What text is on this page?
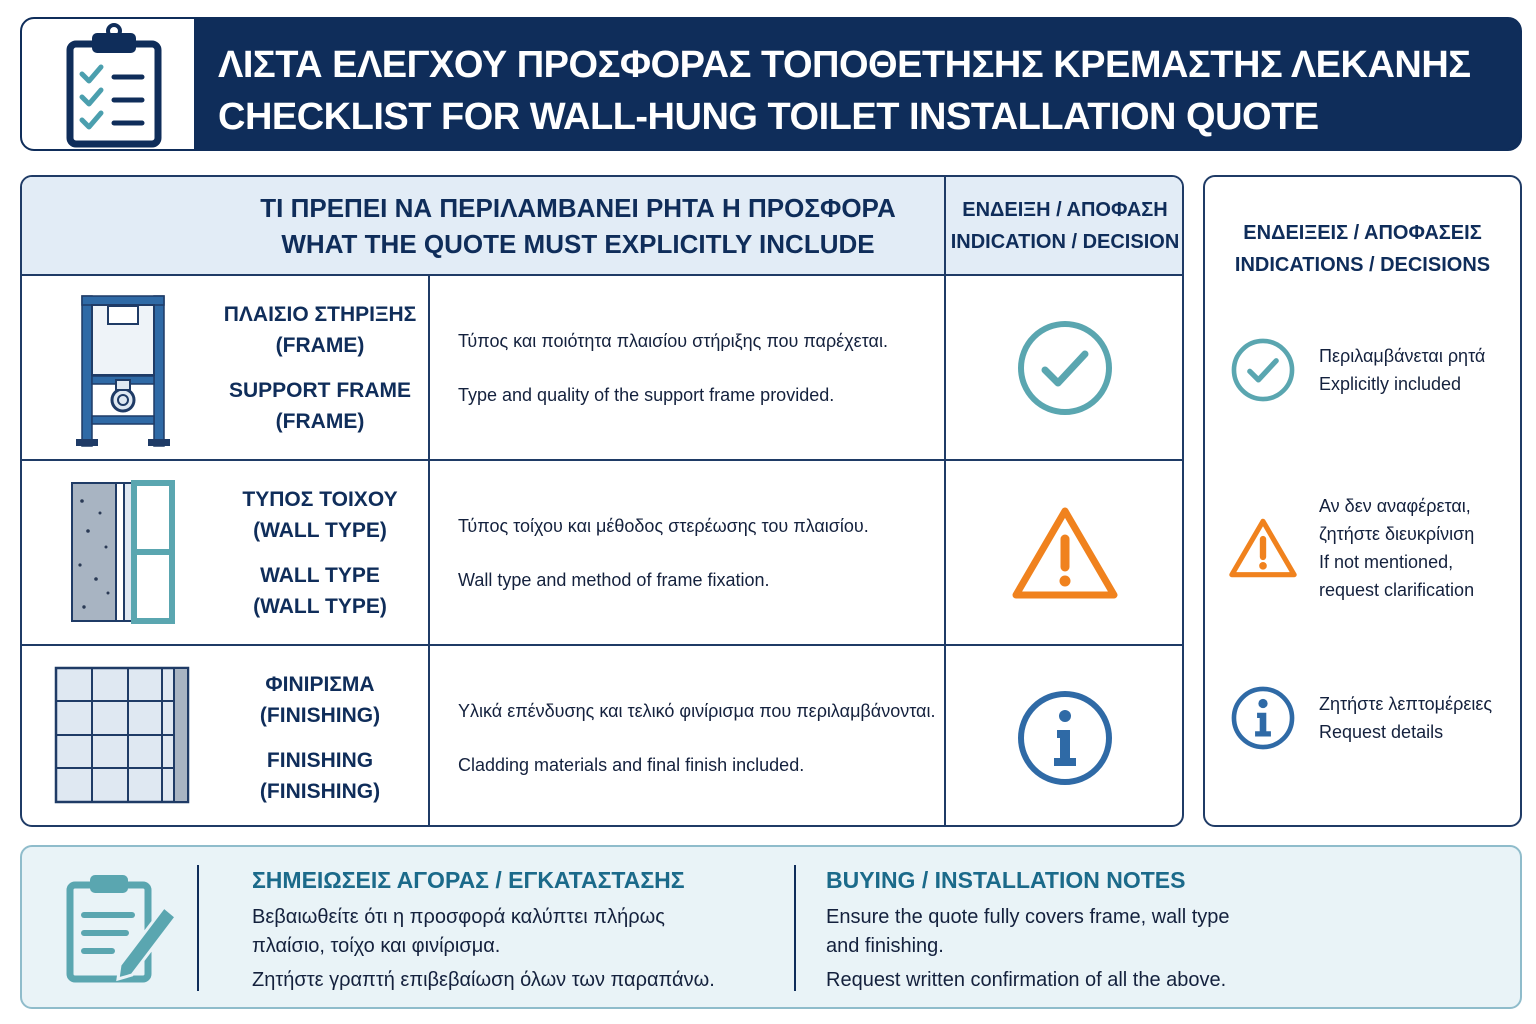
ΛΙΣΤΑ ΕΛΕΓΧΟΥ ΠΡΟΣΦΟΡΑΣ ΤΟΠΟΘΕΤΗΣΗΣ ΚΡΕΜΑΣΤΗΣ ΛΕΚΑΝΗΣ
CHECKLIST FOR WALL-HUNG TOILET INSTALLATION QUOTE
ΤΙ ΠΡΕΠΕΙ ΝΑ ΠΕΡΙΛΑΜΒΑΝΕΙ ΡΗΤΑ Η ΠΡΟΣΦΟΡΑ
WHAT THE QUOTE MUST EXPLICITLY INCLUDE
ΕΝΔΕΙΞΗ / ΑΠΟΦΑΣΗ
INDICATION / DECISION
ΠΛΑΙΣΙΟ ΣΤΗΡΙΞΗΣ
(FRAME)
SUPPORT FRAME
(FRAME)
Τύπος και ποιότητα πλαισίου στήριξης που παρέχεται.
Type and quality of the support frame provided.
ΤΥΠΟΣ ΤΟΙΧΟΥ
(WALL TYPE)
WALL TYPE
(WALL TYPE)
Τύπος τοίχου και μέθοδος στερέωσης του πλαισίου.
Wall type and method of frame fixation.
ΦΙΝΙΡΙΣΜΑ
(FINISHING)
FINISHING
(FINISHING)
Υλικά επένδυσης και τελικό φινίρισμα που περιλαμβάνονται.
Cladding materials and final finish included.
ΕΝΔΕΙΞΕΙΣ / ΑΠΟΦΑΣΕΙΣ
INDICATIONS / DECISIONS
Περιλαμβάνεται ρητά
Explicitly included
Αν δεν αναφέρεται,
ζητήστε διευκρίνιση
If not mentioned,
request clarification
Ζητήστε λεπτομέρειες
Request details
ΣΗΜΕΙΩΣΕΙΣ ΑΓΟΡΑΣ / ΕΓΚΑΤΑΣΤΑΣΗΣ
Βεβαιωθείτε ότι η προσφορά καλύπτει πλήρως
πλαίσιο, τοίχο και φινίρισμα.
Ζητήστε γραπτή επιβεβαίωση όλων των παραπάνω.
BUYING / INSTALLATION NOTES
Ensure the quote fully covers frame, wall type
and finishing.
Request written confirmation of all the above.
